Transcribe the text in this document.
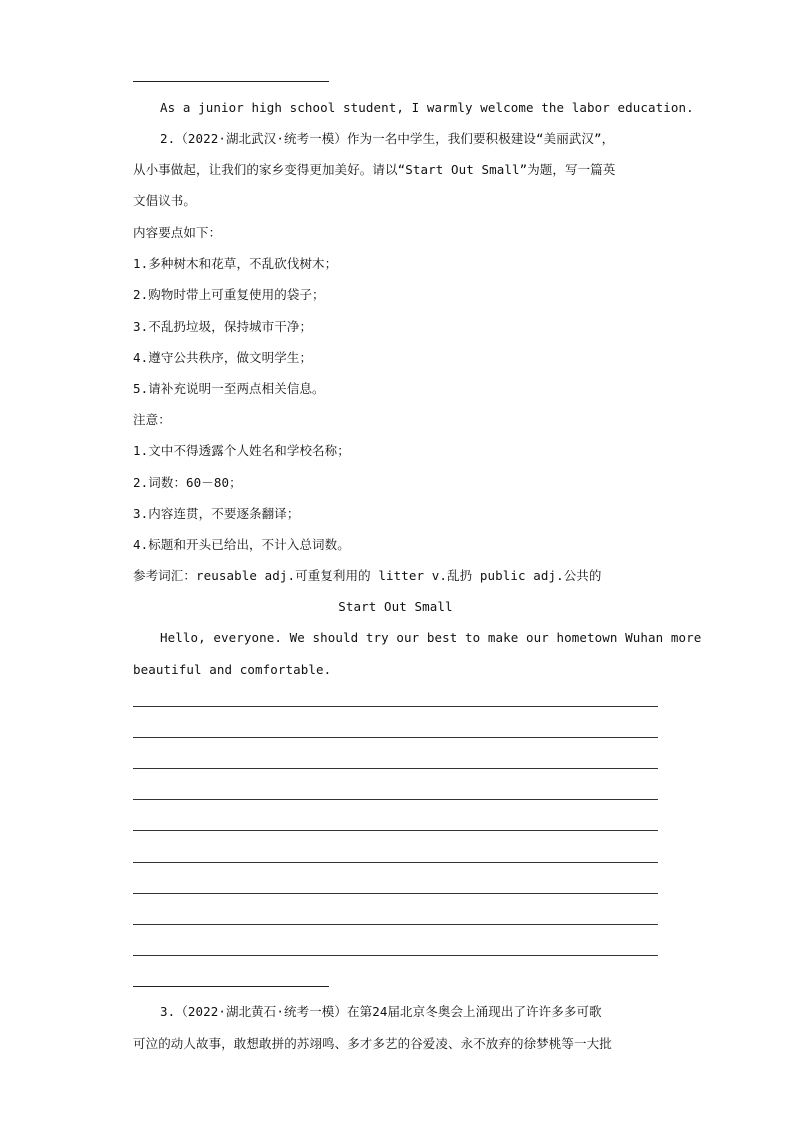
As a junior high school student, I warmly welcome the labor education.
2.（2022·湖北武汉·统考一模）作为一名中学生，我们要积极建设“美丽武汉”，
从小事做起，让我们的家乡变得更加美好。请以“Start Out Small”为题，写一篇英
文倡议书。
内容要点如下：
1.多种树木和花草，不乱砍伐树木；
2.购物时带上可重复使用的袋子；
3.不乱扔垃圾，保持城市干净；
4.遵守公共秩序，做文明学生；
5.请补充说明一至两点相关信息。
注意：
1.文中不得透露个人姓名和学校名称；
2.词数：60－80；
3.内容连贯，不要逐条翻译；
4.标题和开头已给出，不计入总词数。
参考词汇：reusable adj.可重复利用的 litter v.乱扔 public adj.公共的
Start Out Small
Hello, everyone. We should try our best to make our hometown Wuhan more
beautiful and comfortable.
3.（2022·湖北黄石·统考一模）在第24届北京冬奥会上涌现出了许许多多可歌
可泣的动人故事，敢想敢拼的苏翊鸣、多才多艺的谷爱凌、永不放弃的徐梦桃等一大批
